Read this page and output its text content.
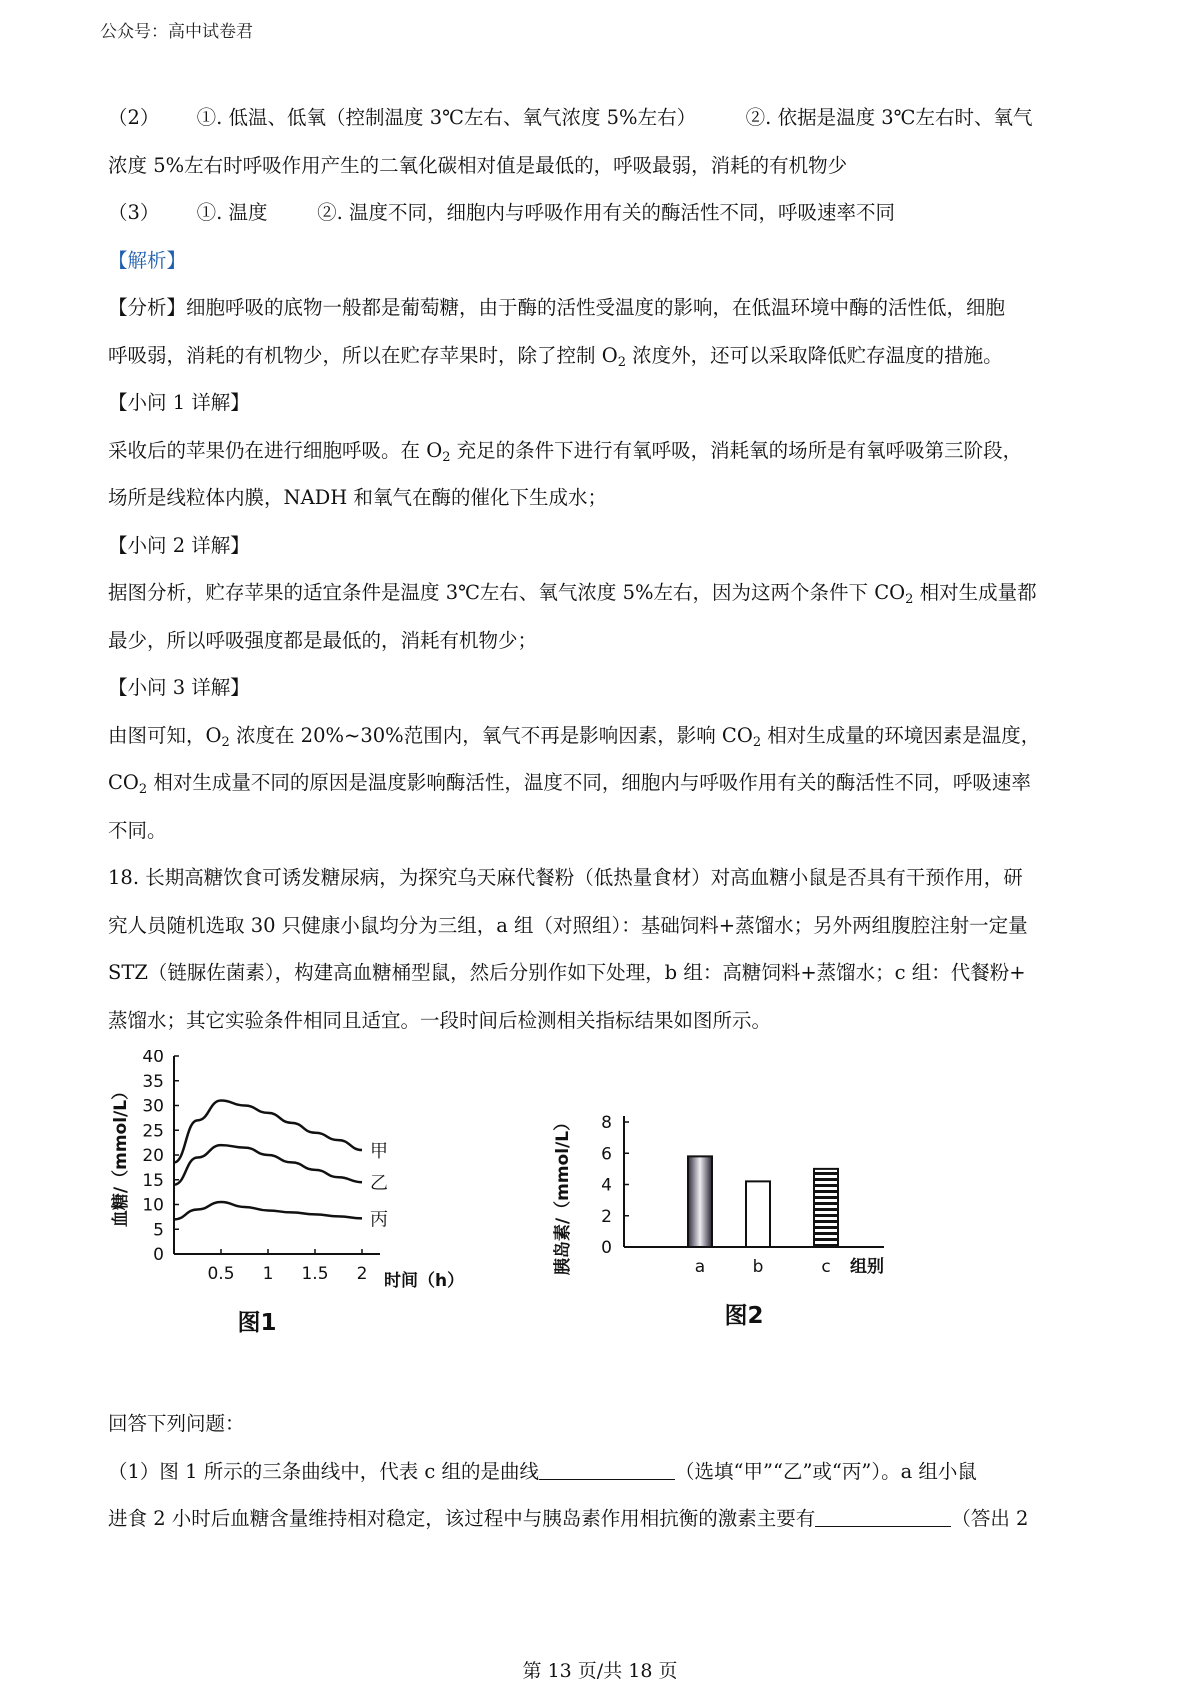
公众号：高中试卷君

（2） ①. 低温、低氧（控制温度 3℃左右、氧气浓度 5%左右）	②. 依据是温度 3℃左右时、氧气

浓度 5%左右时呼吸作用产生的二氧化碳相对值是最低的，呼吸最弱，消耗的有机物少

（3） ①. 温度	②. 温度不同，细胞内与呼吸作用有关的酶活性不同，呼吸速率不同

【解析】

【分析】细胞呼吸的底物一般都是葡萄糖，由于酶的活性受温度的影响，在低温环境中酶的活性低，细胞

呼吸弱，消耗的有机物少，所以在贮存苹果时，除了控制 $O_2$ 浓度外，还可以采取降低贮存温度的措施。

【小问 1 详解】

采收后的苹果仍在进行细胞呼吸。在 $O_2$ 充足的条件下进行有氧呼吸，消耗氧的场所是有氧呼吸第三阶段，

场所是线粒体内膜，NADH 和氧气在酶的催化下生成水；

【小问 2 详解】

据图分析，贮存苹果的适宜条件是温度 3℃左右、氧气浓度 5%左右，因为这两个条件下 $CO_2$ 相对生成量都

最少，所以呼吸强度都是最低的，消耗有机物少；

【小问 3 详解】

由图可知，$O_2$ 浓度在 20%~30%范围内，氧气不再是影响因素，影响 $CO_2$ 相对生成量的环境因素是温度，

$CO_2$ 相对生成量不同的原因是温度影响酶活性，温度不同，细胞内与呼吸作用有关的酶活性不同，呼吸速率

不同。

18. 长期高糖饮食可诱发糖尿病，为探究乌天麻代餐粉（低热量食材）对高血糖小鼠是否具有干预作用，研

究人员随机选取 30 只健康小鼠均分为三组，a 组（对照组）：基础饲料+蒸馏水；另外两组腹腔注射一定量

STZ（链脲佐菌素），构建高血糖桶型鼠，然后分别作如下处理，b 组：高糖饲料+蒸馏水；c 组：代餐粉+

蒸馏水；其它实验条件相同且适宜。一段时间后检测相关指标结果如图所示。

0
5
10
15
20
25
30
35
40
0.5 1 1.5 2
甲
乙
丙
血糖/（mmol/L）
时间（h）
图1
0
2
4
6
8
a	b	c 组别
胰岛素/（mmol/L）
图2

回答下列问题：

（1）图 1 所示的三条曲线中，代表 c 组的是曲线	（选填“甲”“乙”或“丙”）。a 组小鼠

进食 2 小时后血糖含量维持相对稳定，该过程中与胰岛素作用相抗衡的激素主要有	（答出 2

第 13 页/共 18 页
